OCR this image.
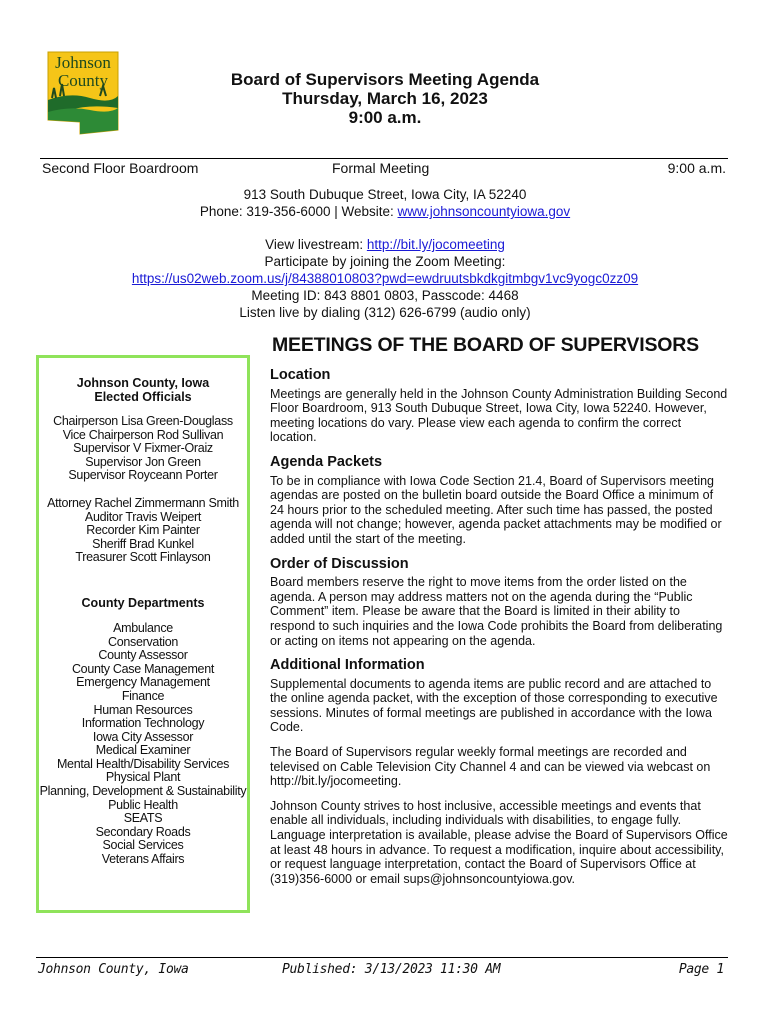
Johnson
County	Board of Supervisors Meeting Agenda
Thursday, March 16, 2023
9:00 a.m.
Second Floor Boardroom	Formal Meeting	9:00 a.m.
913 South Dubuque Street, Iowa City, IA 52240
Phone: 319-356-6000 | Website: www.johnsoncountyiowa.gov
View livestream: http://bit.ly/jocomeeting
Participate by joining the Zoom Meeting:
https://us02web.zoom.us/j/84388010803?pwd=ewdruutsbkdkgitmbgv1vc9yogc0zz09
Meeting ID: 843 8801 0803, Passcode: 4468
Listen live by dialing (312) 626-6799 (audio only)
MEETINGS OF THE BOARD OF SUPERVISORS
Johnson County, Iowa
Elected Officials
Chairperson Lisa Green-Douglass
Vice Chairperson Rod Sullivan
Supervisor V Fixmer-Oraiz
Supervisor Jon Green
Supervisor Royceann Porter
Attorney Rachel Zimmermann Smith
Auditor Travis Weipert
Recorder Kim Painter
Sheriff Brad Kunkel
Treasurer Scott Finlayson
County Departments
Ambulance
Conservation
County Assessor
County Case Management
Emergency Management
Finance
Human Resources
Information Technology
Iowa City Assessor
Medical Examiner
Mental Health/Disability Services
Physical Plant
Planning, Development & Sustainability
Public Health
SEATS
Secondary Roads
Social Services
Veterans Affairs
Location

Meetings are generally held in the Johnson County Administration Building Second Floor Boardroom, 913 South Dubuque Street, Iowa City, Iowa 52240. However, meeting locations do vary. Please view each agenda to confirm the correct location.

Agenda Packets

To be in compliance with Iowa Code Section 21.4, Board of Supervisors meeting agendas are posted on the bulletin board outside the Board Office a minimum of 24 hours prior to the scheduled meeting. After such time has passed, the posted agenda will not change; however, agenda packet attachments may be modified or added until the start of the meeting.

Order of Discussion

Board members reserve the right to move items from the order listed on the agenda. A person may address matters not on the agenda during the “Public Comment” item. Please be aware that the Board is limited in their ability to respond to such inquiries and the Iowa Code prohibits the Board from deliberating or acting on items not appearing on the agenda.

Additional Information

Supplemental documents to agenda items are public record and are attached to the online agenda packet, with the exception of those corresponding to executive sessions. Minutes of formal meetings are published in accordance with the Iowa Code.

The Board of Supervisors regular weekly formal meetings are recorded and televised on Cable Television City Channel 4 and can be viewed via webcast on http://bit.ly/jocomeeting.

Johnson County strives to host inclusive, accessible meetings and events that enable all individuals, including individuals with disabilities, to engage fully. Language interpretation is available, please advise the Board of Supervisors Office at least 48 hours in advance. To request a modification, inquire about accessibility, or request language interpretation, contact the Board of Supervisors Office at (319)356-6000 or email sups@johnsoncountyiowa.gov.

Johnson County, Iowa	Published: 3/13/2023 11:30 AM	Page 1
